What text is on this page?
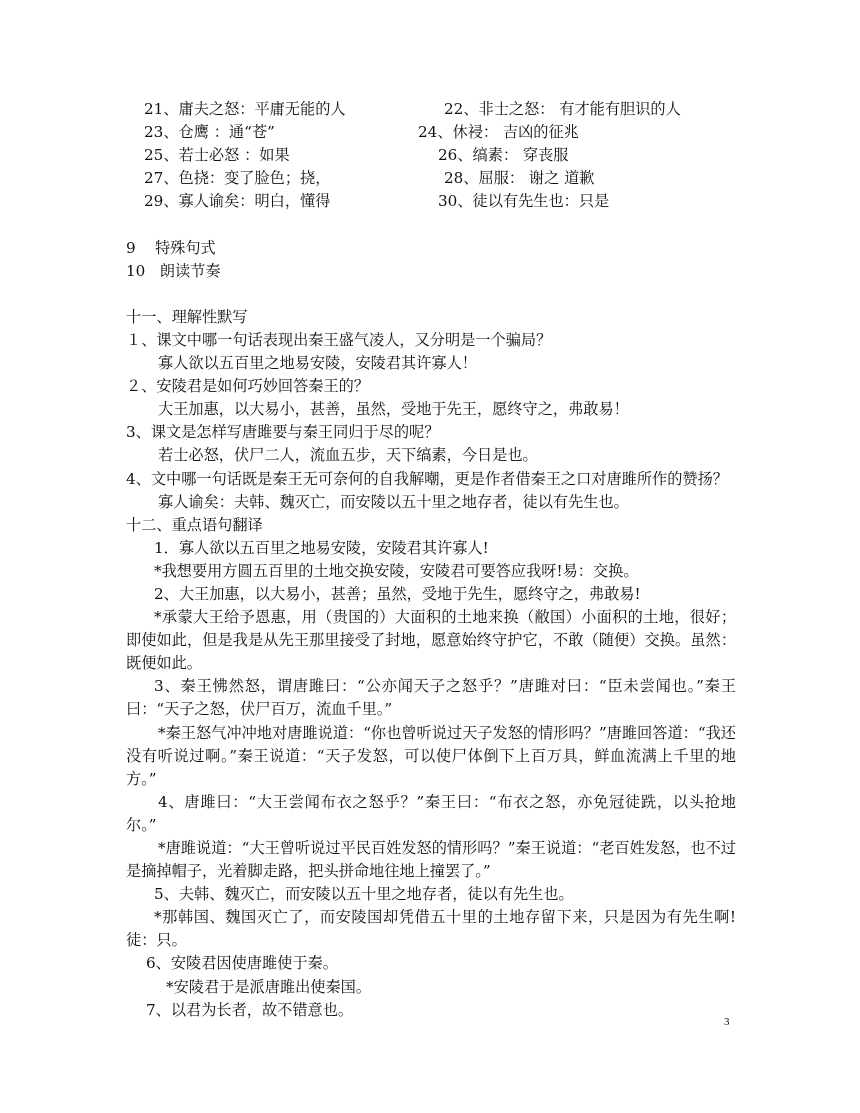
21、庸夫之怒：平庸无能的人	22、非士之怒： 有才能有胆识的人
23、仓鹰 ：通“苍”	24、休祲： 吉凶的征兆
25、若士必怒 ：如果	26、缟素： 穿丧服
27、色挠：变了脸色；挠，	28、屈服： 谢之 道歉
29、寡人谕矣：明白，懂得	30、徒以有先生也：只是
9    特殊句式
10   朗读节奏
十一、理解性默写
１、课文中哪一句话表现出秦王盛气凌人，又分明是一个骗局？
寡人欲以五百里之地易安陵，安陵君其许寡人！
２、安陵君是如何巧妙回答秦王的？
大王加惠，以大易小，甚善，虽然，受地于先王，愿终守之，弗敢易！
3、课文是怎样写唐雎要与秦王同归于尽的呢？
若士必怒，伏尸二人，流血五步，天下缟素，今日是也。

4、文中哪一句话既是秦王无可奈何的自我解嘲，更是作者借秦王之口对唐雎所作的赞扬？

寡人谕矣：夫韩、魏灭亡，而安陵以五十里之地存者，徒以有先生也。
十二、重点语句翻译
1．寡人欲以五百里之地易安陵，安陵君其许寡人!
*我想要用方圆五百里的土地交换安陵，安陵君可要答应我呀!易：交换。
2、大王加惠，以大易小，甚善；虽然，受地于先生，愿终守之，弗敢易!

*承蒙大王给予恩惠，用（贵国的）大面积的土地来换（敝国）小面积的土地，很好；即使如此，但是我是从先王那里接受了封地，愿意始终守护它，不敢（随便）交换。虽然：既便如此。

3、秦王怫然怒，谓唐雎曰：“公亦闻天子之怒乎？”唐雎对曰：“臣未尝闻也。”秦王曰：“天子之怒，伏尸百万，流血千里。”

*秦王怒气冲冲地对唐雎说道：“你也曾听说过天子发怒的情形吗？”唐雎回答道：“我还没有听说过啊。”秦王说道：“天子发怒，可以使尸体倒下上百万具，鲜血流满上千里的地方。”

4、唐雎曰：“大王尝闻布衣之怒乎？”秦王曰：“布衣之怒，亦免冠徒跣，以头抢地尔。”

*唐雎说道：“大王曾听说过平民百姓发怒的情形吗？”秦王说道：“老百姓发怒，也不过是摘掉帽子，光着脚走路，把头拼命地往地上撞罢了。”

5、夫韩、魏灭亡，而安陵以五十里之地存者，徒以有先生也。

*那韩国、魏国灭亡了，而安陵国却凭借五十里的土地存留下来，只是因为有先生啊!徒：只。

6、安陵君因使唐雎使于秦。
*安陵君于是派唐雎出使秦国。
7、以君为长者，故不错意也。
3
